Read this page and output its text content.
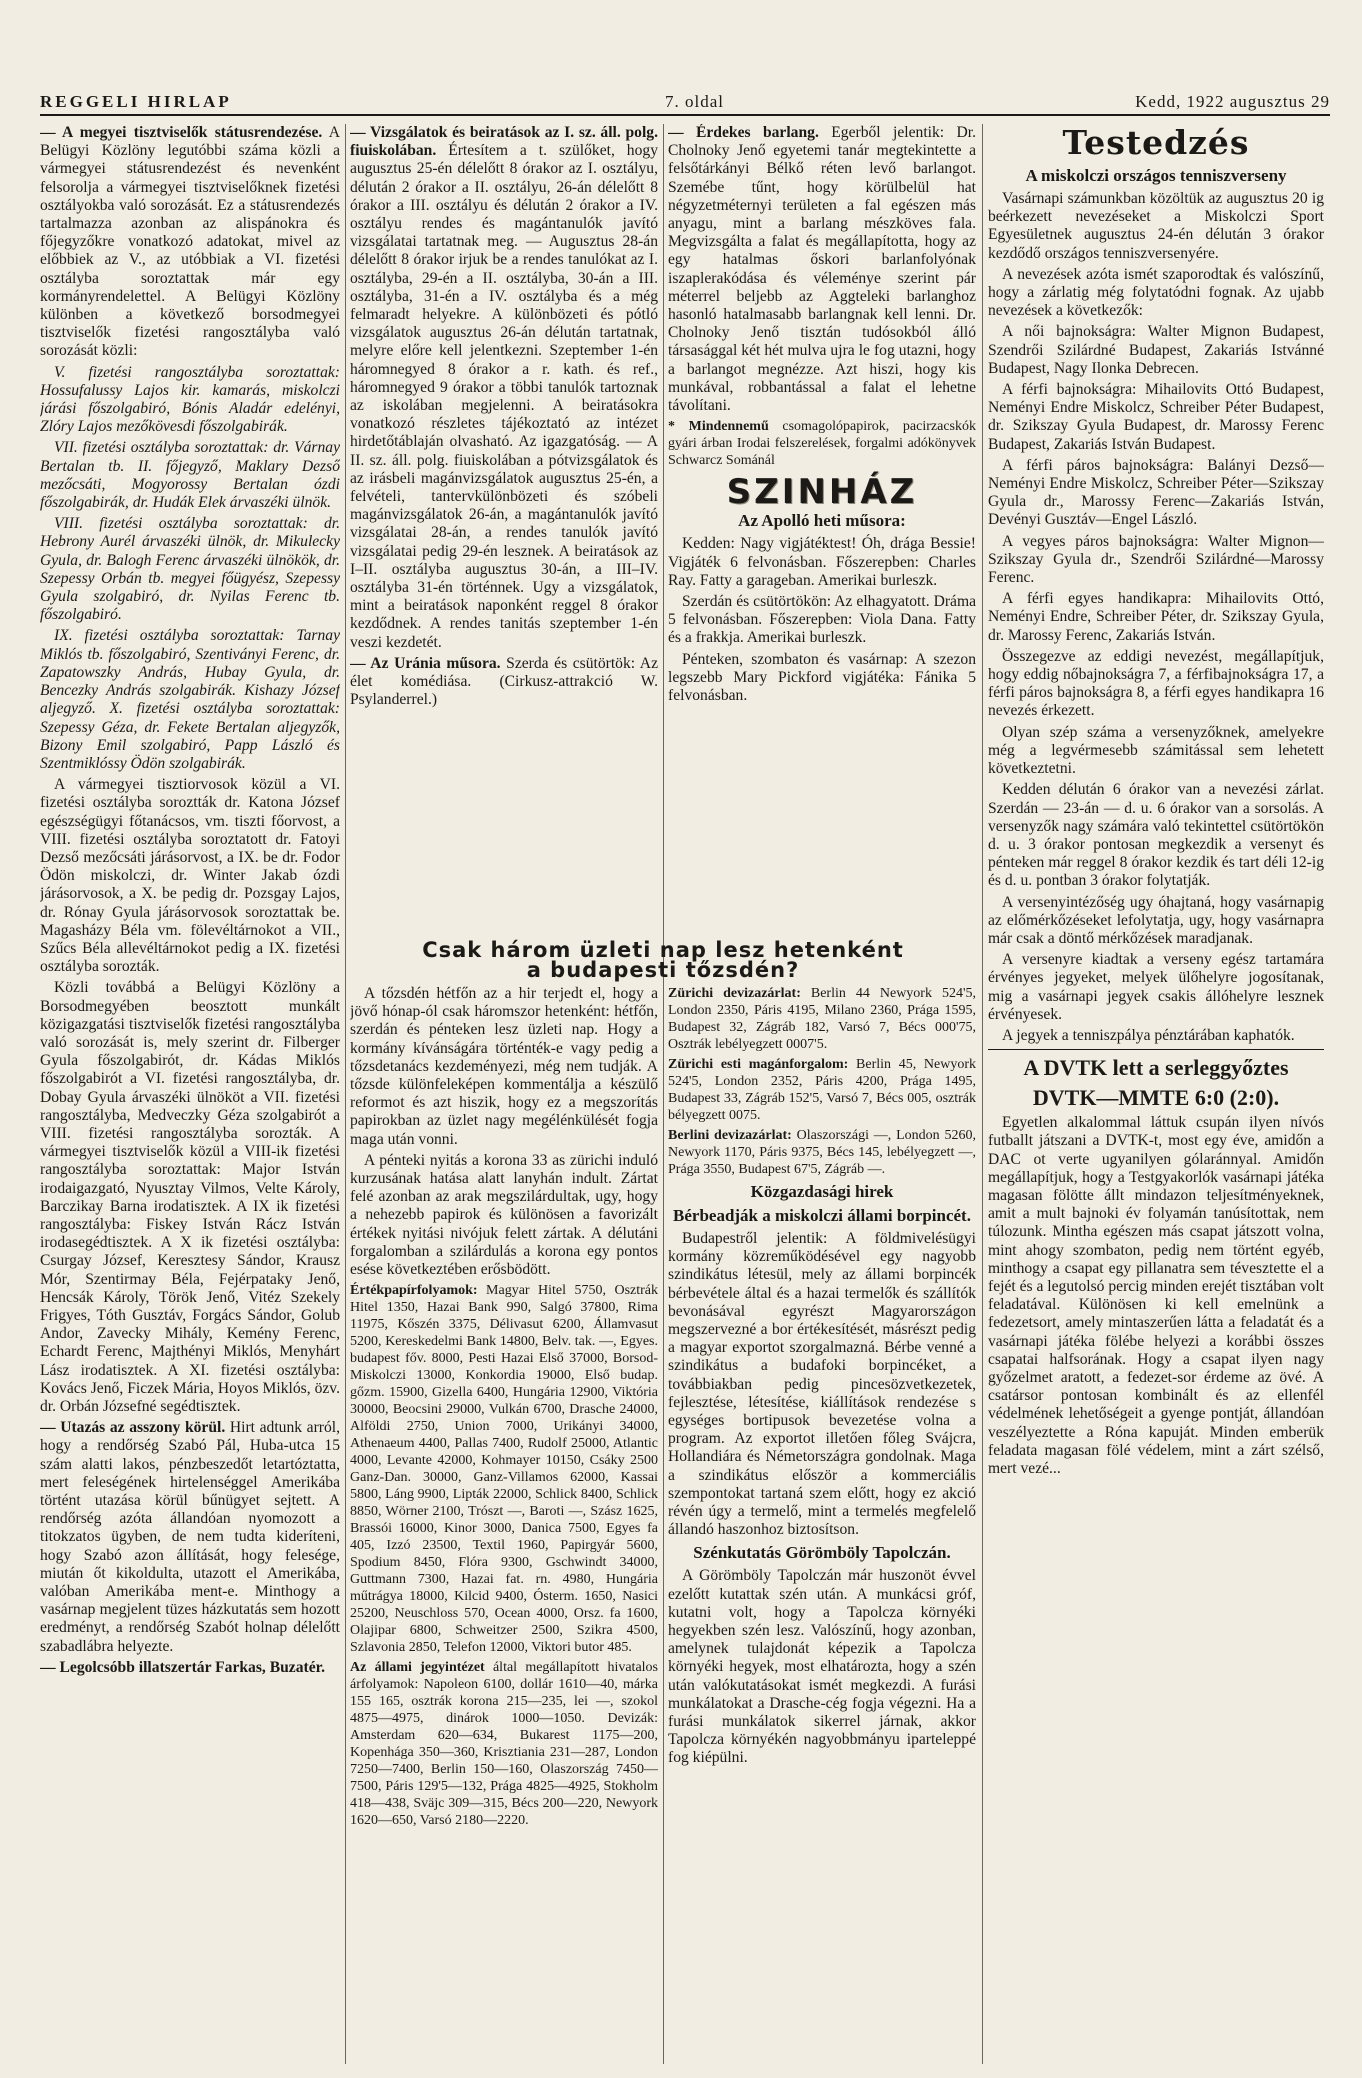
REGGELI HIRLAP	7. oldal	Kedd, 1922 augusztus 29

— A megyei tisztviselők státusrendezése. A Belügyi Közlöny legutóbbi száma közli a vármegyei státusrendezést és nevenként felsorolja a vármegyei tisztviselőknek fizetési osztályokba való sorozását. Ez a státusrendezés tartalmazza azonban az alispánokra és főjegyzőkre vonatkozó adatokat, mivel az előbbiek az V., az utóbbiak a VI. fizetési osztályba soroztattak már egy kormányrendelettel. A Belügyi Közlöny különben a következő borsodmegyei tisztviselők fizetési rangosztályba való sorozását közli:

V. fizetési rangosztályba soroztattak: Hossufalussy Lajos kir. kamarás, miskolczi járási főszolgabiró, Bónis Aladár edelényi, Zlóry Lajos mezőkövesdi főszolgabirák.

VII. fizetési osztályba soroztattak: dr. Várnay Bertalan tb. II. főjegyző, Maklary Dezső mezőcsáti, Mogyorossy Bertalan ózdi főszolgabirák, dr. Hudák Elek árvaszéki ülnök.

VIII. fizetési osztályba soroztattak: dr. Hebrony Aurél árvaszéki ülnök, dr. Mikulecky Gyula, dr. Balogh Ferenc árvaszéki ülnökök, dr. Szepessy Orbán tb. megyei főügyész, Szepessy Gyula szolgabiró, dr. Nyilas Ferenc tb. főszolgabiró.

IX. fizetési osztályba soroztattak: Tarnay Miklós tb. főszolgabiró, Szentiványi Ferenc, dr. Zapatowszky András, Hubay Gyula, dr. Bencezky András szolgabirák. Kishazy József aljegyző. X. fizetési osztályba soroztattak: Szepessy Géza, dr. Fekete Bertalan aljegyzők, Bizony Emil szolgabiró, Papp László és Szentmiklóssy Ödön szolgabirák.

A vármegyei tisztiorvosok közül a VI. fizetési osztályba soroztták dr. Katona József egészségügyi főtanácsos, vm. tiszti főorvost, a VIII. fizetési osztályba soroztatott dr. Fatoyi Dezső mezőcsáti járásorvost, a IX. be dr. Fodor Ödön miskolczi, dr. Winter Jakab ózdi járásorvosok, a X. be pedig dr. Pozsgay Lajos, dr. Rónay Gyula járásorvosok soroztattak be. Magasházy Béla vm. fölevéltárnokot a VII., Szűcs Béla allevéltárnokot pedig a IX. fizetési osztályba sorozták.

Közli továbbá a Belügyi Közlöny a Borsodmegyében beosztott munkált közigazgatási tisztviselők fizetési rangosztályba való sorozását is, mely szerint dr. Filberger Gyula főszolgabirót, dr. Kádas Miklós főszolgabirót a VI. fizetési rangosztályba, dr. Dobay Gyula árvaszéki ülnököt a VII. fizetési rangosztályba, Medveczky Géza szolgabirót a VIII. fizetési rangosztályba sorozták. A vármegyei tisztviselők közül a VIII-ik fizetési rangosztályba soroztattak: Major István irodaigazgató, Nyusztay Vilmos, Velte Károly, Barczikay Barna irodatisztek. A IX ik fizetési rangosztályba: Fiskey István Rácz István irodasegédtisztek. A X ik fizetési osztályba: Csurgay József, Keresztesy Sándor, Krausz Mór, Szentirmay Béla, Fejérpataky Jenő, Hencsák Károly, Török Jenő, Vitéz Szekely Frigyes, Tóth Gusztáv, Forgács Sándor, Golub Andor, Zavecky Mihály, Kemény Ferenc, Echardt Ferenc, Majthényi Miklós, Menyhárt Lász irodatisztek. A XI. fizetési osztályba: Kovács Jenő, Ficzek Mária, Hoyos Miklós, özv. dr. Orbán Józsefné segédtisztek.

— Utazás az asszony körül. Hirt adtunk arról, hogy a rendőrség Szabó Pál, Huba-utca 15 szám alatti lakos, pénzbeszedőt letartóztatta, mert feleségének hirtelenséggel Amerikába történt utazása körül bűnügyet sejtett. A rendőrség azóta állandóan nyomozott a titokzatos ügyben, de nem tudta kideríteni, hogy Szabó azon állítását, hogy felesége, miután őt kikoldulta, utazott el Amerikába, valóban Amerikába ment-e. Minthogy a vasárnap megjelent tüzes házkutatás sem hozott eredményt, a rendőrség Szabót holnap délelőtt szabadlábra helyezte.

— Legolcsóbb illatszertár Farkas, Buzatér.

— Vizsgálatok és beiratások az I. sz. áll. polg. fiuiskolában. Értesítem a t. szülőket, hogy augusztus 25-én délelőtt 8 órakor az I. osztályu, délután 2 órakor a II. osztályu, 26-án délelőtt 8 órakor a III. osztályu és délután 2 órakor a IV. osztályu rendes és magántanulók javító vizsgálatai tartatnak meg. — Augusztus 28-án délelőtt 8 órakor irjuk be a rendes tanulókat az I. osztályba, 29-én a II. osztályba, 30-án a III. osztályba, 31-én a IV. osztályba és a még felmaradt helyekre. A különbözeti és pótló vizsgálatok augusztus 26-án délután tartatnak, melyre előre kell jelentkezni. Szeptember 1-én háromnegyed 8 órakor a r. kath. és ref., háromnegyed 9 órakor a többi tanulók tartoznak az iskolában megjelenni. A beiratásokra vonatkozó részletes tájékoztató az intézet hirdetőtáblaján olvasható. Az igazgatóság. — A II. sz. áll. polg. fiuiskolában a pótvizsgálatok és az irásbeli magánvizsgálatok augusztus 25-én, a felvételi, tantervkülönbözeti és szóbeli magánvizsgálatok 26-án, a magántanulók javító vizsgálatai 28-án, a rendes tanulók javító vizsgálatai pedig 29-én lesznek. A beiratások az I–II. osztályba augusztus 30-án, a III–IV. osztályba 31-én történnek. Ugy a vizsgálatok, mint a beiratások naponként reggel 8 órakor kezdődnek. A rendes tanitás szeptember 1-én veszi kezdetét.

— Az Uránia műsora. Szerda és csütörtök: Az élet komédiása. (Cirkusz-attrakció W. Psylanderrel.)

— Érdekes barlang. Egerből jelentik: Dr. Cholnoky Jenő egyetemi tanár megtekintette a felsőtárkányi Bélkő réten levő barlangot. Szemébe tűnt, hogy körülbelül hat négyzetméternyi területen a fal egészen más anyagu, mint a barlang mészköves fala. Megvizsgálta a falat és megállapította, hogy az egy hatalmas őskori barlanfolyónak iszaplerakódása és véleménye szerint pár méterrel beljebb az Aggteleki barlanghoz hasonló hatalmasabb barlangnak kell lenni. Dr. Cholnoky Jenő tisztán tudósokból álló társasággal két hét mulva ujra le fog utazni, hogy a barlangot megnézze. Azt hiszi, hogy kis munkával, robbantással a falat el lehetne távolítani.

* Mindennemű csomagolópapirok, pacirzacskók gyári árban Irodai felszerelések, forgalmi adókönyvek Schwarcz Sománál

SZINHÁZ
Az Apolló heti műsora:

Kedden: Nagy vigjátéktest! Óh, drága Bessie! Vigjáték 6 felvonásban. Főszerepben: Charles Ray. Fatty a garageban. Amerikai burleszk.

Szerdán és csütörtökön: Az elhagyatott. Dráma 5 felvonásban. Főszerepben: Viola Dana. Fatty és a frakkja. Amerikai burleszk.

Pénteken, szombaton és vasárnap: A szezon legszebb Mary Pickford vigjátéka: Fánika 5 felvonásban.

Csak három üzleti nap lesz hetenként
a budapesti tőzsdén?

A tőzsdén hétfőn az a hir terjedt el, hogy a jövő hónap-ól csak háromszor hetenként: hétfőn, szerdán és pénteken lesz üzleti nap. Hogy a kormány kívánságára történték-e vagy pedig a tőzsdetanács kezdeményezi, még nem tudják. A tőzsde különfeleképen kommentálja a készülő reformot és azt hiszik, hogy ez a megszorítás papirokban az üzlet nagy megélénkülését fogja maga után vonni.

A pénteki nyitás a korona 33 as zürichi induló kurzusának hatása alatt lanyhán indult. Zártat felé azonban az arak megszilárdultak, ugy, hogy a nehezebb papirok és különösen a favorizált értékek nyitási nivójuk felett zártak. A délutáni forgalomban a szilárdulás a korona egy pontos esése következtében erősbödött.

Értékpapírfolyamok: Magyar Hitel 5750, Osztrák Hitel 1350, Hazai Bank 990, Salgó 37800, Rima 11975, Kőszén 3375, Délivasut 6200, Államvasut 5200, Kereskedelmi Bank 14800, Belv. tak. —, Egyes. budapest főv. 8000, Pesti Hazai Első 37000, Borsod-Miskolczi 13000, Konkordia 19000, Első budap. gőzm. 15900, Gizella 6400, Hungária 12900, Viktória 30000, Beocsini 29000, Vulkán 6700, Drasche 24000, Alföldi 2750, Union 7000, Urikányi 34000, Athenaeum 4400, Pallas 7400, Rudolf 25000, Atlantic 4000, Levante 42000, Kohmayer 10150, Csáky 2500 Ganz-Dan. 30000, Ganz-Villamos 62000, Kassai 5800, Láng 9900, Lipták 22000, Schlick 8400, Schlick 8850, Wörner 2100, Trószt —, Baroti —, Szász 1625, Brassói 16000, Kinor 3000, Danica 7500, Egyes fa 405, Izzó 23500, Textil 1960, Papirgyár 5600, Spodium 8450, Flóra 9300, Gschwindt 34000, Guttmann 7300, Hazai fat. rn. 4980, Hungária műtrágya 18000, Kilcid 9400, Ósterm. 1650, Nasici 25200, Neuschloss 570, Ocean 4000, Orsz. fa 1600, Olajipar 6800, Schweitzer 2500, Szikra 4500, Szlavonia 2850, Telefon 12000, Viktori butor 485.

Az állami jegyintézet által megállapított hivatalos árfolyamok: Napoleon 6100, dollár 1610—40, márka 155 165, osztrák korona 215—235, lei —, szokol 4875—4975, dinárok 1000—1050. Devizák: Amsterdam 620—634, Bukarest 1175—200, Kopenhága 350—360, Krisztiania 231—287, London 7250—7400, Berlin 150—160, Olaszország 7450—7500, Páris 129'5—132, Prága 4825—4925, Stokholm 418—438, Sväjc 309—315, Bécs 200—220, Newyork 1620—650, Varsó 2180—2220.

Zürichi devizazárlat: Berlin 44 Newyork 524'5, London 2350, Páris 4195, Milano 2360, Prága 1595, Budapest 32, Zágráb 182, Varsó 7, Bécs 000'75, Osztrák lebélyegzett 0007'5.

Zürichi esti magánforgalom: Berlin 45, Newyork 524'5, London 2352, Páris 4200, Prága 1495, Budapest 33, Zágráb 152'5, Varsó 7, Bécs 005, osztrák bélyegzett 0075.

Berlini devizazárlat: Olaszországi —, London 5260, Newyork 1170, Páris 9375, Bécs 145, lebélyegzett —, Prága 3550, Budapest 67'5, Zágráb —.

Közgazdasági hirek
Bérbeadják a miskolczi állami borpincét.

Budapestről jelentik: A földmivelésügyi kormány közreműködésével egy nagyobb szindikátus létesül, mely az állami borpincék bérbevétele által és a hazai termelők és szállítók bevonásával egyrészt Magyarországon megszervezné a bor értékesítését, másrészt pedig a magyar exportot szorgalmazná. Bérbe venné a szindikátus a budafoki borpincéket, a továbbiakban pedig pincesözvetkezetek, fejlesztése, létesítése, kiállítások rendezése s egységes bortipusok bevezetése volna a program. Az exportot illetően főleg Svájcra, Hollandiára és Németországra gondolnak. Maga a szindikátus először a kommerciális szempontokat tartaná szem előtt, hogy ez akció révén úgy a termelő, mint a termelés megfelelő állandó haszonhoz biztosítson.

Szénkutatás Görömböly Tapolczán.

A Görömböly Tapolczán már huszonöt évvel ezelőtt kutattak szén után. A munkácsi gróf, kutatni volt, hogy a Tapolcza környéki hegyekben szén lesz. Valószínű, hogy azonban, amelynek tulajdonát képezik a Tapolcza környéki hegyek, most elhatározta, hogy a szén után valókutatásokat ismét megkezdi. A furási munkálatokat a Drasche-cég fogja végezni. Ha a furási munkálatok sikerrel járnak, akkor Tapolcza környékén nagyobbmányu iparteleppé fog kiépülni.

Testedzés
A miskolczi országos tenniszverseny

Vasárnapi számunkban közöltük az augusztus 20 ig beérkezett nevezéseket a Miskolczi Sport Egyesületnek augusztus 24-én délután 3 órakor kezdődő országos tenniszversenyére.

A nevezések azóta ismét szaporodtak és valószínű, hogy a zárlatig még folytatódni fognak. Az ujabb nevezések a következők:

A női bajnokságra: Walter Mignon Budapest, Szendrői Szilárdné Budapest, Zakariás Istvánné Budapest, Nagy Ilonka Debrecen.

A férfi bajnokságra: Mihailovits Ottó Budapest, Neményi Endre Miskolcz, Schreiber Péter Budapest, dr. Szikszay Gyula Budapest, dr. Marossy Ferenc Budapest, Zakariás István Budapest.

A férfi páros bajnokságra: Balányi Dezső—Neményi Endre Miskolcz, Schreiber Péter—Szikszay Gyula dr., Marossy Ferenc—Zakariás István, Devényi Gusztáv—Engel László.

A vegyes páros bajnokságra: Walter Mignon—Szikszay Gyula dr., Szendrői Szilárdné—Marossy Ferenc.

A férfi egyes handikapra: Mihailovits Ottó, Neményi Endre, Schreiber Péter, dr. Szikszay Gyula, dr. Marossy Ferenc, Zakariás István.

Összegezve az eddigi nevezést, megállapítjuk, hogy eddig nőbajnokságra 7, a férfibajnokságra 17, a férfi páros bajnokságra 8, a férfi egyes handikapra 16 nevezés érkezett.

Olyan szép száma a versenyzőknek, amelyekre még a legvérmesebb számitással sem lehetett következtetni.

Kedden délután 6 órakor van a nevezési zárlat. Szerdán — 23-án — d. u. 6 órakor van a sorsolás. A versenyzők nagy számára való tekintettel csütörtökön d. u. 3 órakor pontosan megkezdik a versenyt és pénteken már reggel 8 órakor kezdik és tart déli 12-ig és d. u. pontban 3 órakor folytatják.

A versenyintézőség ugy óhajtaná, hogy vasárnapig az előmérkőzéseket lefolytatja, ugy, hogy vasárnapra már csak a döntő mérkőzések maradjanak.

A versenyre kiadtak a verseny egész tartamára érvényes jegyeket, melyek ülőhelyre jogosítanak, mig a vasárnapi jegyek csakis állóhelyre lesznek érvényesek.

A jegyek a tenniszpálya pénztárában kaphatók.

A DVTK lett a serleggyőztes
DVTK—MMTE 6:0 (2:0).

Egyetlen alkalommal láttuk csupán ilyen nívós futballt játszani a DVTK-t, most egy éve, amidőn a DAC ot verte ugyanilyen gólaránnyal. Amidőn megállapítjuk, hogy a Testgyakorlók vasárnapi játéka magasan fölötte állt mindazon teljesítményeknek, amit a mult bajnoki év folyamán tanúsítottak, nem túlozunk. Mintha egészen más csapat játszott volna, mint ahogy szombaton, pedig nem történt egyéb, minthogy a csapat egy pillanatra sem tévesztette el a fejét és a legutolsó percig minden erejét tisztában volt feladatával. Különösen ki kell emelnünk a fedezetsort, amely mintaszerűen látta a feladatát és a vasárnapi játéka fölébe helyezi a korábbi összes csapatai halfsorának. Hogy a csapat ilyen nagy győzelmet aratott, a fedezet-sor érdeme az övé. A csatársor pontosan kombinált és az ellenfél védelmének lehetőségeit a gyenge pontját, állandóan veszélyeztette a Róna kapuját. Minden emberük feladata magasan fölé védelem, mint a zárt szélső, mert vezé...
